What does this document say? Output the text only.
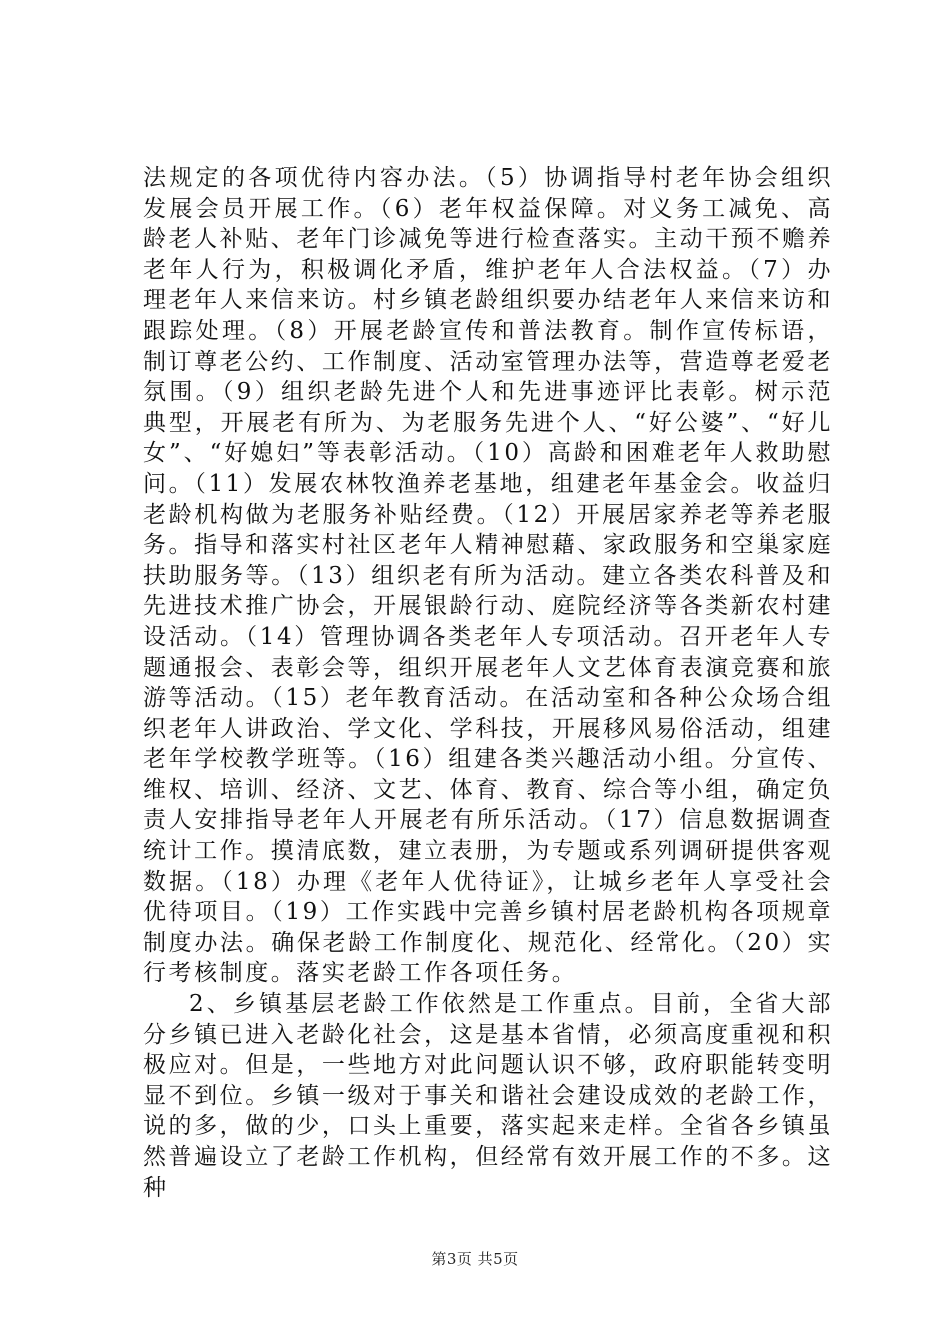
法规定的各项优待内容办法。（5）协调指导村老年协会组织发展会员开展工作。（6）老年权益保障。对义务工减免、高龄老人补贴、老年门诊减免等进行检查落实。主动干预不赡养老年人行为，积极调化矛盾，维护老年人合法权益。（7）办理老年人来信来访。村乡镇老龄组织要办结老年人来信来访和跟踪处理。（8）开展老龄宣传和普法教育。制作宣传标语，制订尊老公约、工作制度、活动室管理办法等，营造尊老爱老氛围。（9）组织老龄先进个人和先进事迹评比表彰。树示范典型，开展老有所为、为老服务先进个人、“好公婆”、“好儿女”、“好媳妇”等表彰活动。（10）高龄和困难老年人救助慰问。（11）发展农林牧渔养老基地，组建老年基金会。收益归老龄机构做为老服务补贴经费。（12）开展居家养老等养老服务。指导和落实村社区老年人精神慰藉、家政服务和空巢家庭扶助服务等。（13）组织老有所为活动。建立各类农科普及和先进技术推广协会，开展银龄行动、庭院经济等各类新农村建设活动。（14）管理协调各类老年人专项活动。召开老年人专题通报会、表彰会等，组织开展老年人文艺体育表演竞赛和旅游等活动。（15）老年教育活动。在活动室和各种公众场合组织老年人讲政治、学文化、学科技，开展移风易俗活动，组建老年学校教学班等。（16）组建各类兴趣活动小组。分宣传、维权、培训、经济、文艺、体育、教育、综合等小组，确定负责人安排指导老年人开展老有所乐活动。（17）信息数据调查统计工作。摸清底数，建立表册，为专题或系列调研提供客观数据。（18）办理《老年人优待证》，让城乡老年人享受社会优待项目。（19）工作实践中完善乡镇村居老龄机构各项规章制度办法。确保老龄工作制度化、规范化、经常化。（20）实行考核制度。落实老龄工作各项任务。

2、乡镇基层老龄工作依然是工作重点。目前，全省大部分乡镇已进入老龄化社会，这是基本省情，必须高度重视和积极应对。但是，一些地方对此问题认识不够，政府职能转变明显不到位。乡镇一级对于事关和谐社会建设成效的老龄工作，说的多，做的少，口头上重要，落实起来走样。全省各乡镇虽然普遍设立了老龄工作机构，但经常有效开展工作的不多。这种

第3页 共5页
